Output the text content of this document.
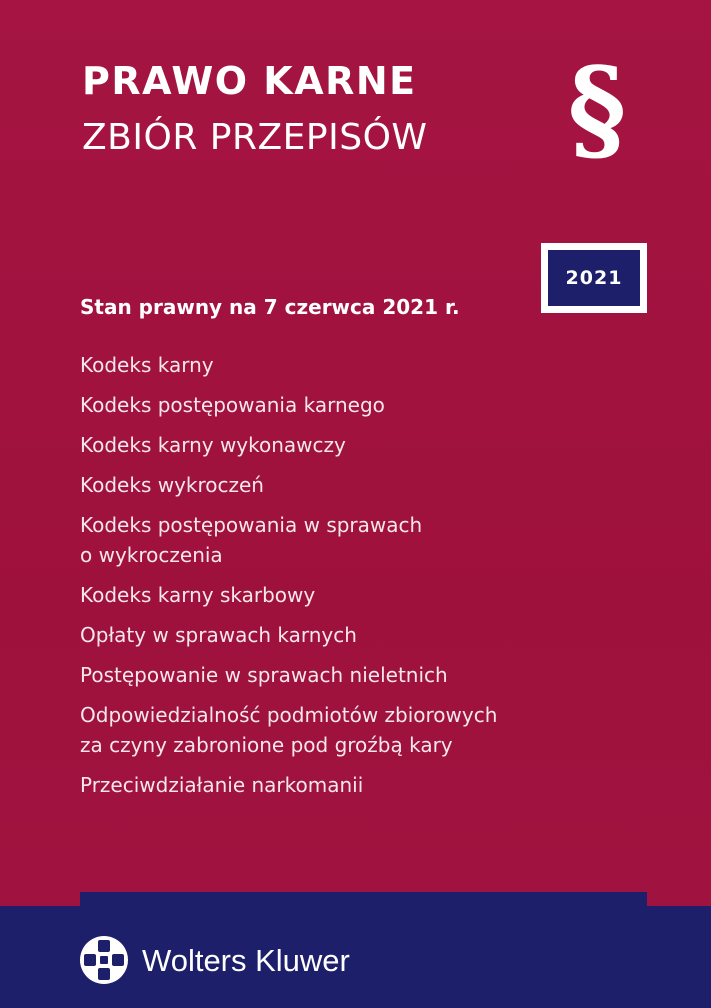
PRAWO KARNE
ZBIÓR PRZEPISÓW §
2021

Stan prawny na 7 czerwca 2021 r.

Kodeks karny
Kodeks postępowania karnego
Kodeks karny wykonawczy
Kodeks wykroczeń
Kodeks postępowania w sprawach
o wykroczenia
Kodeks karny skarbowy
Opłaty w sprawach karnych
Postępowanie w sprawach nieletnich
Odpowiedzialność podmiotów zbiorowych
za czyny zabronione pod groźbą kary
Przeciwdziałanie narkomanii
Wolters Kluwer
